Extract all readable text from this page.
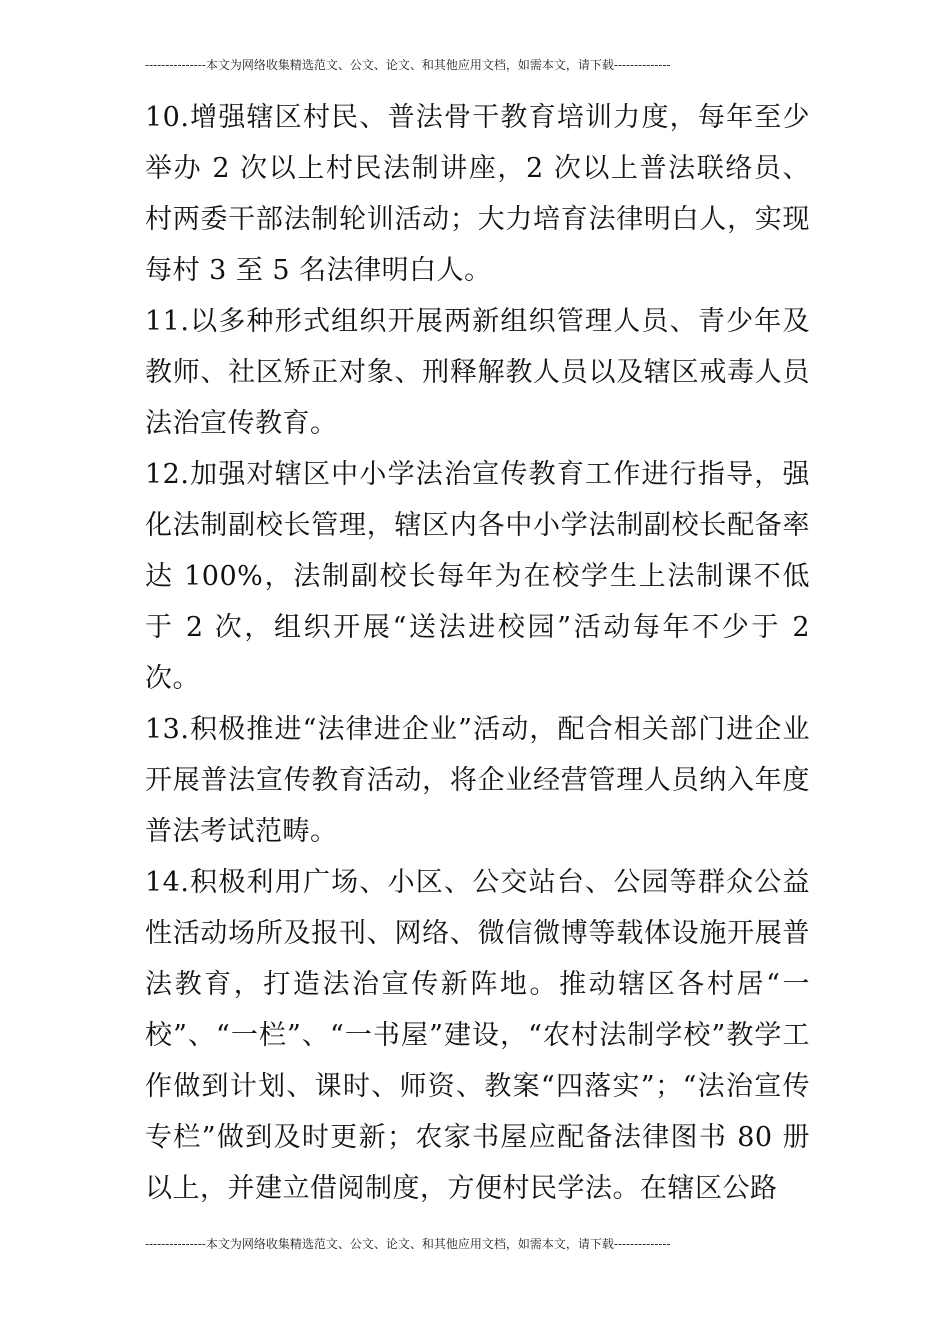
---------------本文为网络收集精选范文、公文、论文、和其他应用文档，如需本文，请下载--------------

10.增强辖区村民、普法骨干教育培训力度，每年至少举办 2 次以上村民法制讲座，2 次以上普法联络员、村两委干部法制轮训活动；大力培育法律明白人，实现每村 3 至 5 名法律明白人。

11.以多种形式组织开展两新组织管理人员、青少年及教师、社区矫正对象、刑释解教人员以及辖区戒毒人员法治宣传教育。

12.加强对辖区中小学法治宣传教育工作进行指导，强化法制副校长管理，辖区内各中小学法制副校长配备率达 100%，法制副校长每年为在校学生上法制课不低于 2 次，组织开展“送法进校园”活动每年不少于 2 次。

13.积极推进“法律进企业”活动，配合相关部门进企业开展普法宣传教育活动，将企业经营管理人员纳入年度普法考试范畴。

14.积极利用广场、小区、公交站台、公园等群众公益性活动场所及报刊、网络、微信微博等载体设施开展普法教育，打造法治宣传新阵地。推动辖区各村居“一校”、“一栏”、“一书屋”建设，“农村法制学校”教学工作做到计划、课时、师资、教案“四落实”；“法治宣传专栏”做到及时更新；农家书屋应配备法律图书 80 册以上，并建立借阅制度，方便村民学法。在辖区公路

---------------本文为网络收集精选范文、公文、论文、和其他应用文档，如需本文，请下载--------------
